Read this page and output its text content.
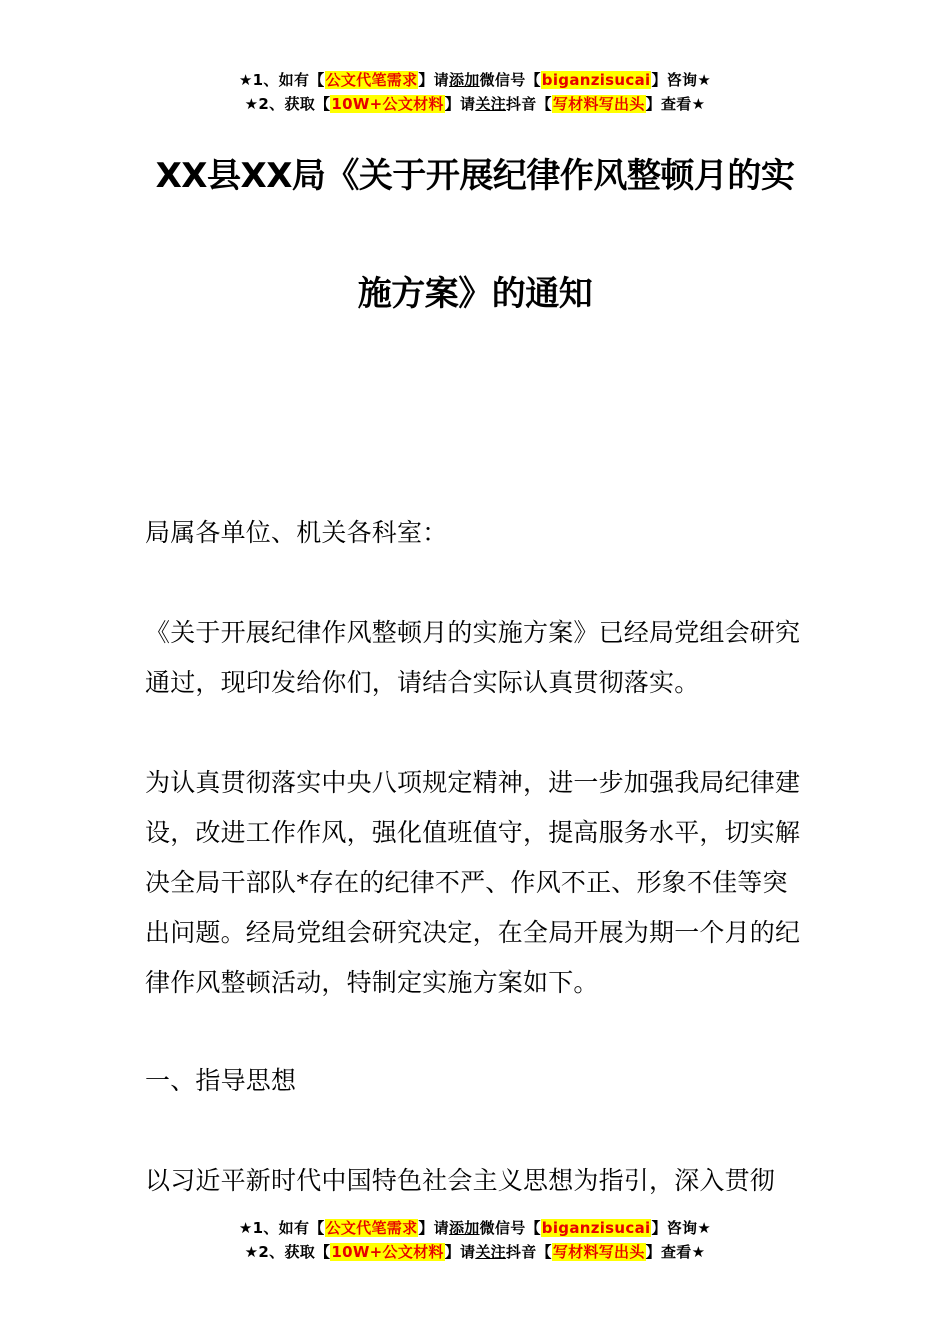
★1、如有【公文代笔需求】请添加微信号【biganzisucai】咨询★
★2、获取【10W+公文材料】请关注抖音【写材料写出头】查看★
XX县XX局《关于开展纪律作风整顿月的实
施方案》的通知
局属各单位、机关各科室：
《关于开展纪律作风整顿月的实施方案》已经局党组会研究通过，现印发给你们，请结合实际认真贯彻落实。
为认真贯彻落实中央八项规定精神，进一步加强我局纪律建设，改进工作作风，强化值班值守，提高服务水平，切实解决全局干部队*存在的纪律不严、作风不正、形象不佳等突出问题。经局党组会研究决定，在全局开展为期一个月的纪律作风整顿活动，特制定实施方案如下。
一、指导思想
以习近平新时代中国特色社会主义思想为指引，深入贯彻
★1、如有【公文代笔需求】请添加微信号【biganzisucai】咨询★
★2、获取【10W+公文材料】请关注抖音【写材料写出头】查看★
